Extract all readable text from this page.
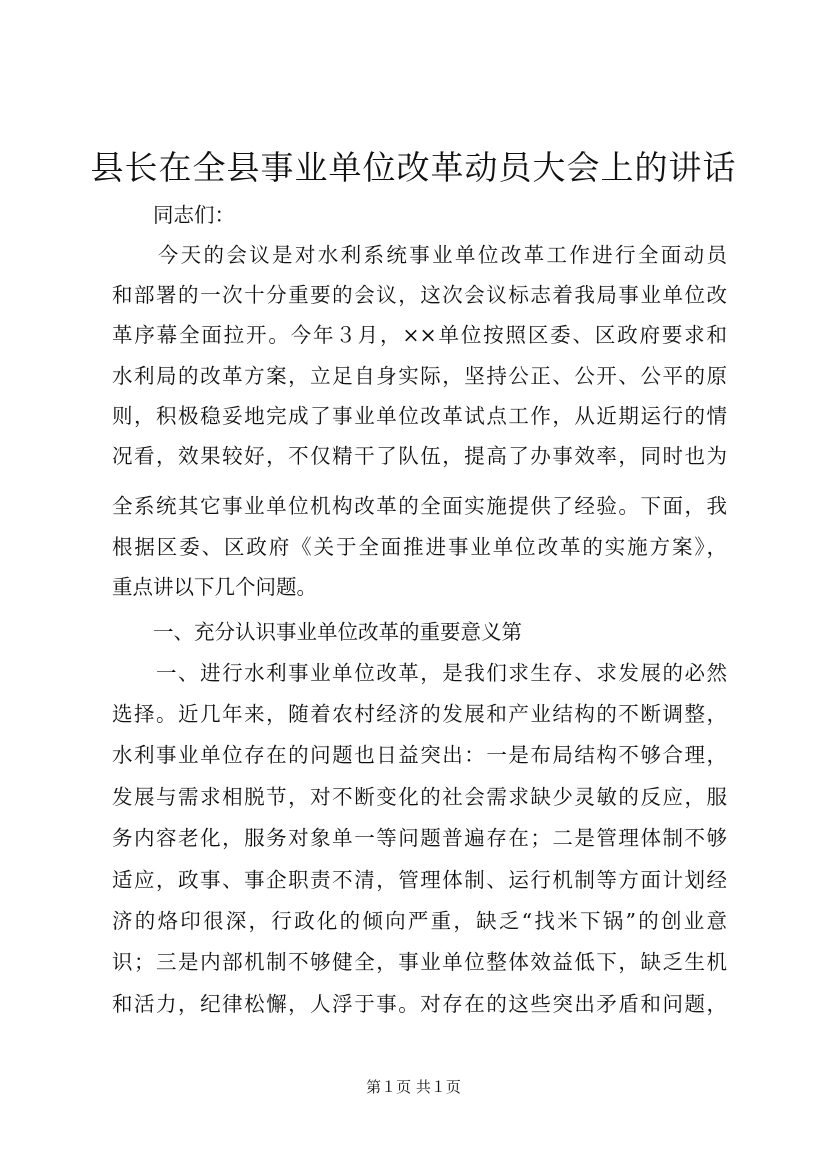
县长在全县事业单位改革动员大会上的讲话
　　同志们：
　　今天的会议是对水利系统事业单位改革工作进行全面动员
和部署的一次十分重要的会议，这次会议标志着我局事业单位改
革序幕全面拉开。今年３月，××单位按照区委、区政府要求和
水利局的改革方案，立足自身实际，坚持公正、公开、公平的原
则，积极稳妥地完成了事业单位改革试点工作，从近期运行的情
况看，效果较好，不仅精干了队伍，提高了办事效率，同时也为
全系统其它事业单位机构改革的全面实施提供了经验。下面，我
根据区委、区政府《关于全面推进事业单位改革的实施方案》，
重点讲以下几个问题。
　　一、充分认识事业单位改革的重要意义第
　　一、进行水利事业单位改革，是我们求生存、求发展的必然
选择。近几年来，随着农村经济的发展和产业结构的不断调整，
水利事业单位存在的问题也日益突出：一是布局结构不够合理，
发展与需求相脱节，对不断变化的社会需求缺少灵敏的反应，服
务内容老化，服务对象单一等问题普遍存在；二是管理体制不够
适应，政事、事企职责不清，管理体制、运行机制等方面计划经
济的烙印很深，行政化的倾向严重，缺乏“找米下锅”的创业意
识；三是内部机制不够健全，事业单位整体效益低下，缺乏生机
和活力，纪律松懈，人浮于事。对存在的这些突出矛盾和问题，
第１页 共１页
